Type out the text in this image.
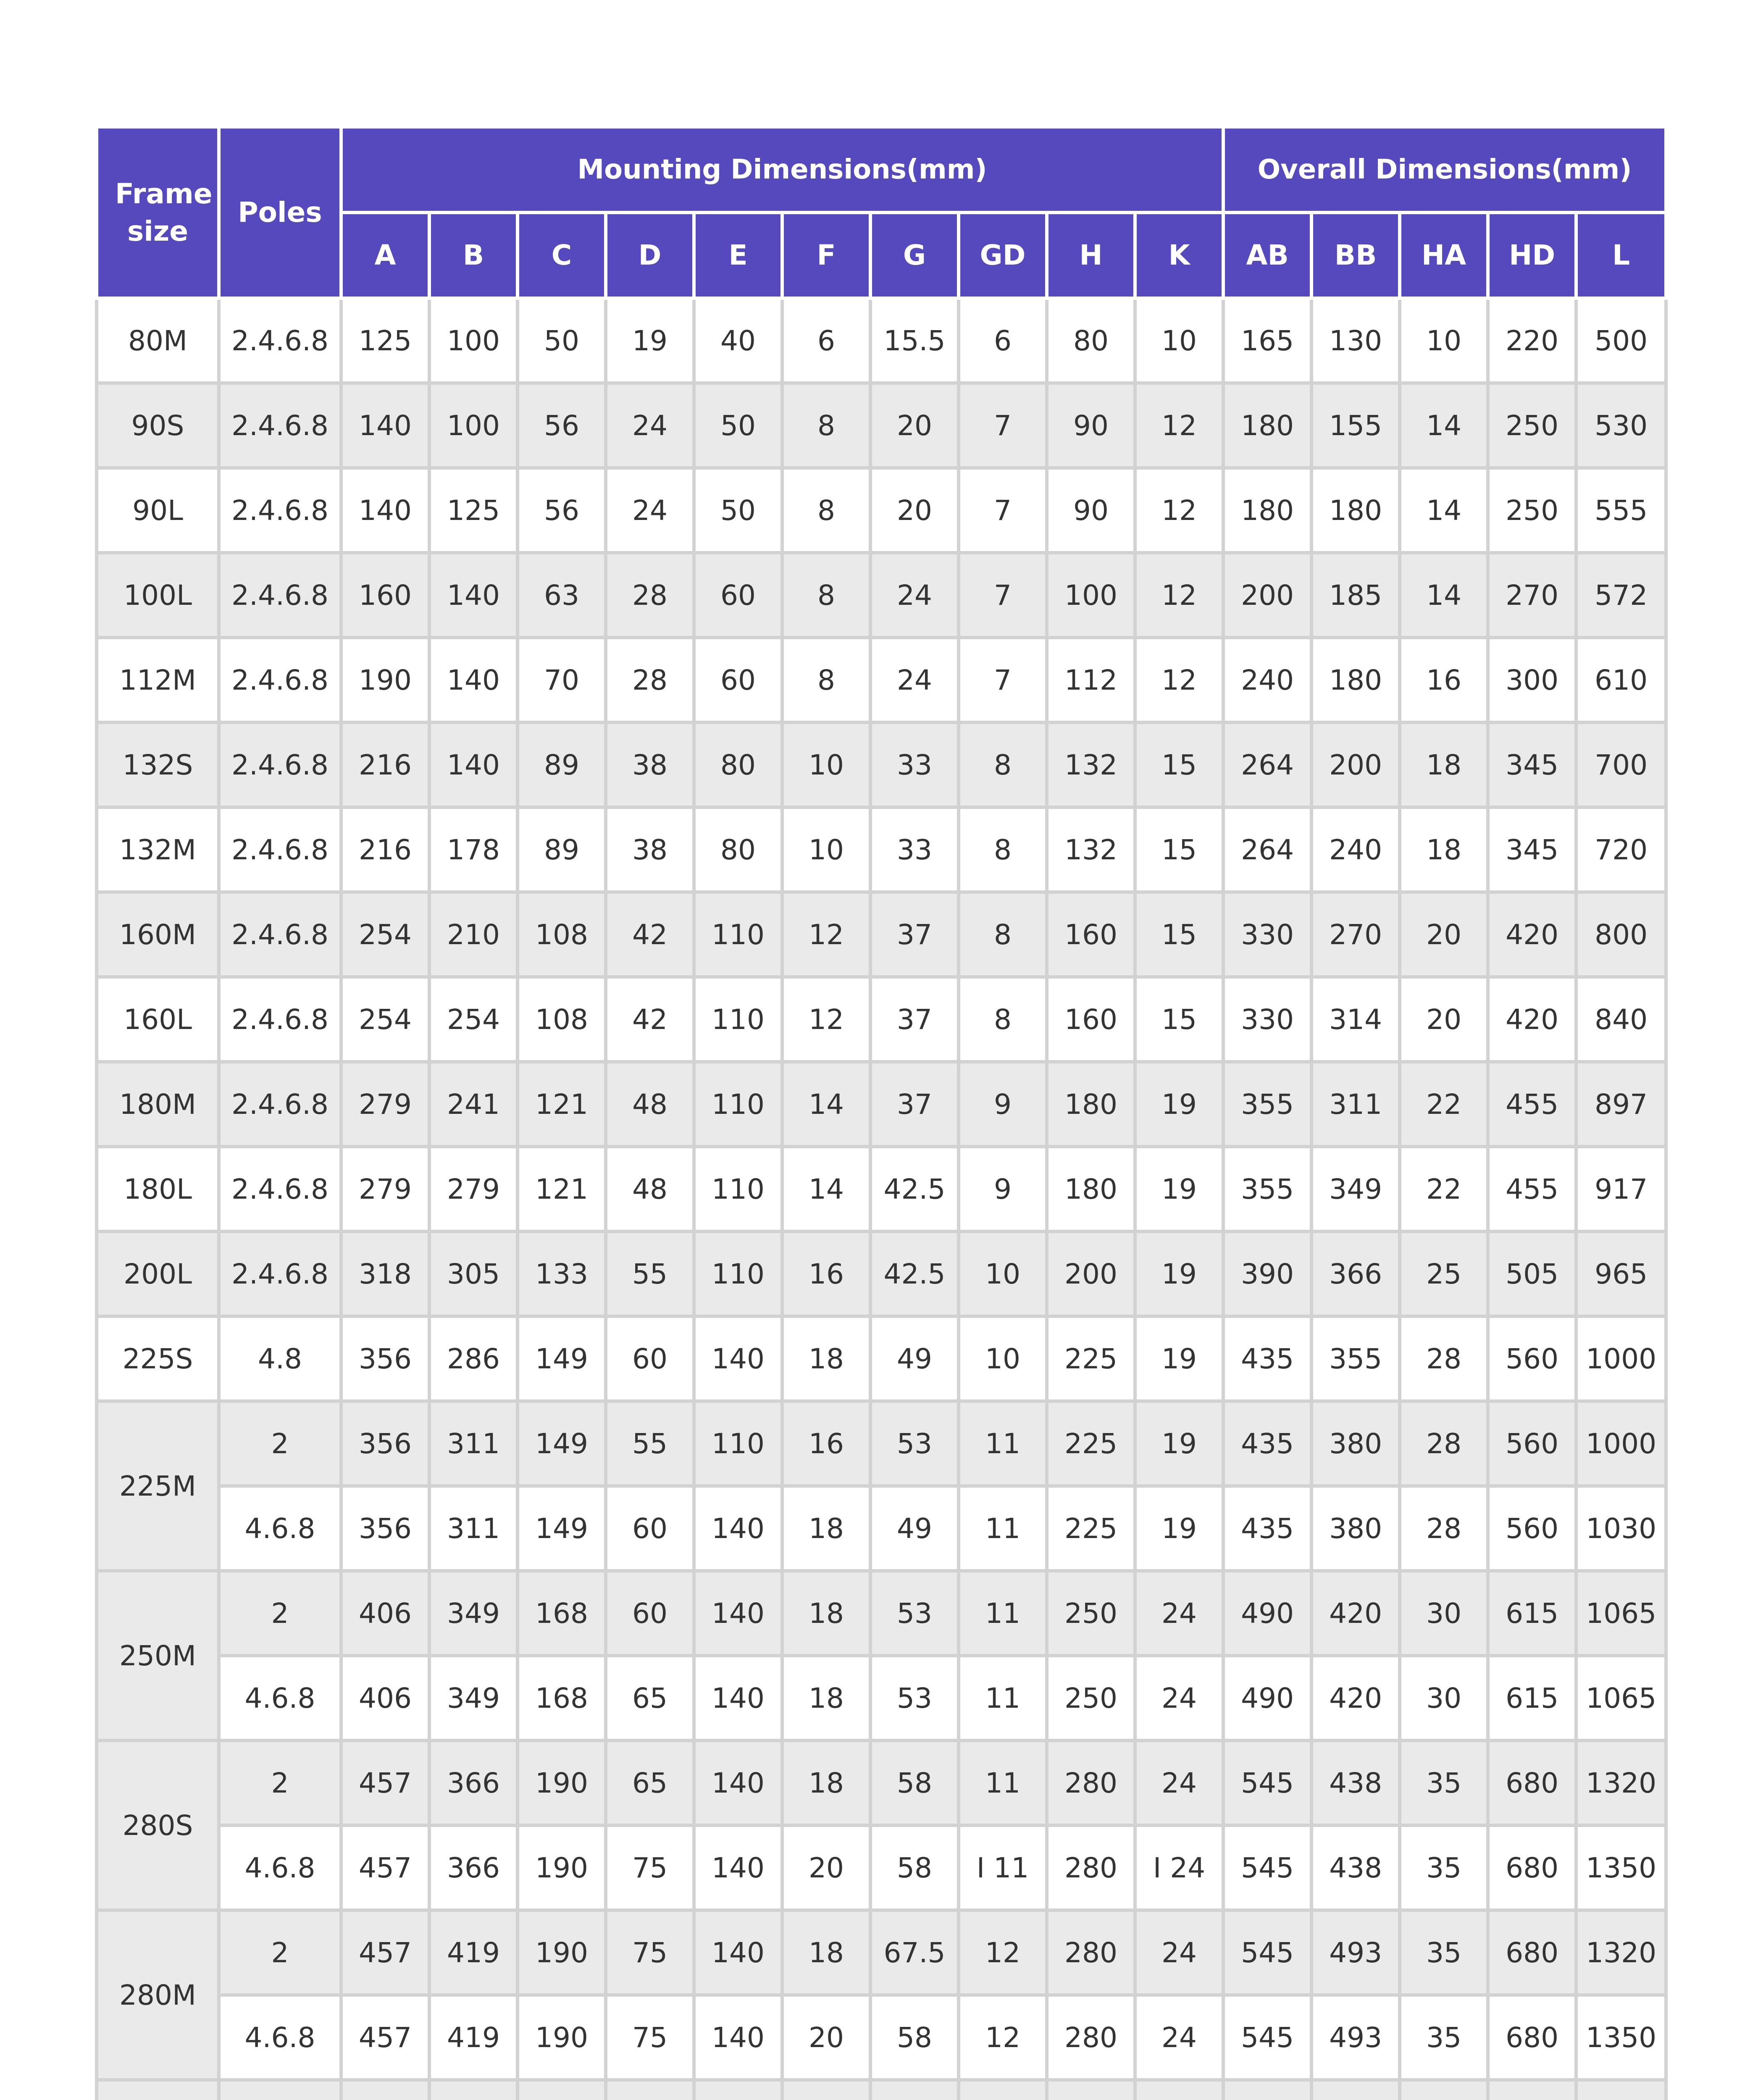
Frame size	Poles	Mounting Dimensions(mm)										Overall Dimensions(mm)				
		A	B	C	D	E	F	G	GD	H	K	AB	BB	HA	HD	L
80M	2.4.6.8	125	100	50	19	40	6	15.5	6	80	10	165	130	10	220	500
90S	2.4.6.8	140	100	56	24	50	8	20	7	90	12	180	155	14	250	530
90L	2.4.6.8	140	125	56	24	50	8	20	7	90	12	180	180	14	250	555
100L	2.4.6.8	160	140	63	28	60	8	24	7	100	12	200	185	14	270	572
112M	2.4.6.8	190	140	70	28	60	8	24	7	112	12	240	180	16	300	610
132S	2.4.6.8	216	140	89	38	80	10	33	8	132	15	264	200	18	345	700
132M	2.4.6.8	216	178	89	38	80	10	33	8	132	15	264	240	18	345	720
160M	2.4.6.8	254	210	108	42	110	12	37	8	160	15	330	270	20	420	800
160L	2.4.6.8	254	254	108	42	110	12	37	8	160	15	330	314	20	420	840
180M	2.4.6.8	279	241	121	48	110	14	37	9	180	19	355	311	22	455	897
180L	2.4.6.8	279	279	121	48	110	14	42.5	9	180	19	355	349	22	455	917
200L	2.4.6.8	318	305	133	55	110	16	42.5	10	200	19	390	366	25	505	965
225S	4.8	356	286	149	60	140	18	49	10	225	19	435	355	28	560	1000
225M	2	356	311	149	55	110	16	53	11	225	19	435	380	28	560	1000
	4.6.8	356	311	149	60	140	18	49	11	225	19	435	380	28	560	1030
250M	2	406	349	168	60	140	18	53	11	250	24	490	420	30	615	1065
	4.6.8	406	349	168	65	140	18	53	11	250	24	490	420	30	615	1065
280S	2	457	366	190	65	140	18	58	11	280	24	545	438	35	680	1320
	4.6.8	457	366	190	75	140	20	58	I 11	280	I 24	545	438	35	680	1350
280M	2	457	419	190	75	140	18	67.5	12	280	24	545	493	35	680	1320
	4.6.8	457	419	190	75	140	20	58	12	280	24	545	493	35	680	1350
